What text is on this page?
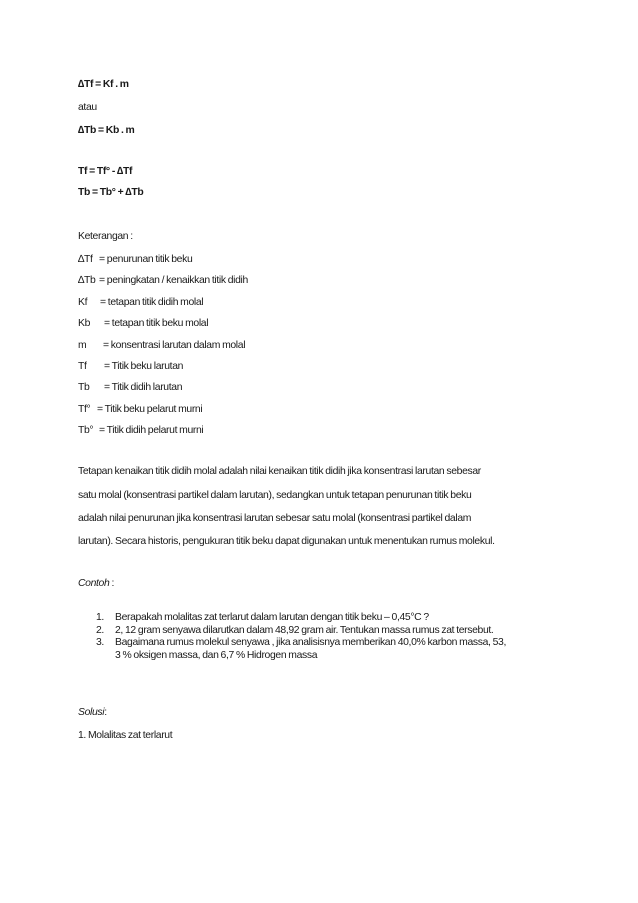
∆Tf = Kf . m
atau
∆Tb = Kb . m
Tf = Tf° - ∆Tf
Tb = Tb° + ∆Tb
Keterangan :
∆Tf = penurunan titik beku
∆Tb = peningkatan / kenaikkan titik didih
Kf = tetapan titik didih molal
Kb = tetapan titik beku molal
m = konsentrasi larutan dalam molal
Tf = Titik beku larutan
Tb = Titik didih larutan
Tf° = Titik beku pelarut murni
Tb° = Titik didih pelarut murni
Tetapan kenaikan titik didih molal adalah nilai kenaikan titik didih jika konsentrasi larutan sebesar
satu molal (konsentrasi partikel dalam larutan), sedangkan untuk tetapan penurunan titik beku
adalah nilai penurunan jika konsentrasi larutan sebesar satu molal (konsentrasi partikel dalam
larutan). Secara historis, pengukuran titik beku dapat digunakan untuk menentukan rumus molekul.
Contoh :
1. Berapakah molalitas zat terlarut dalam larutan dengan titik beku – 0,45°C ?
2. 2, 12 gram senyawa dilarutkan dalam 48,92 gram air. Tentukan massa rumus zat tersebut.
3. Bagaimana rumus molekul senyawa , jika analisisnya memberikan 40,0% karbon massa, 53,
3 % oksigen massa, dan 6,7 % Hidrogen massa
Solusi:
1. Molalitas zat terlarut
